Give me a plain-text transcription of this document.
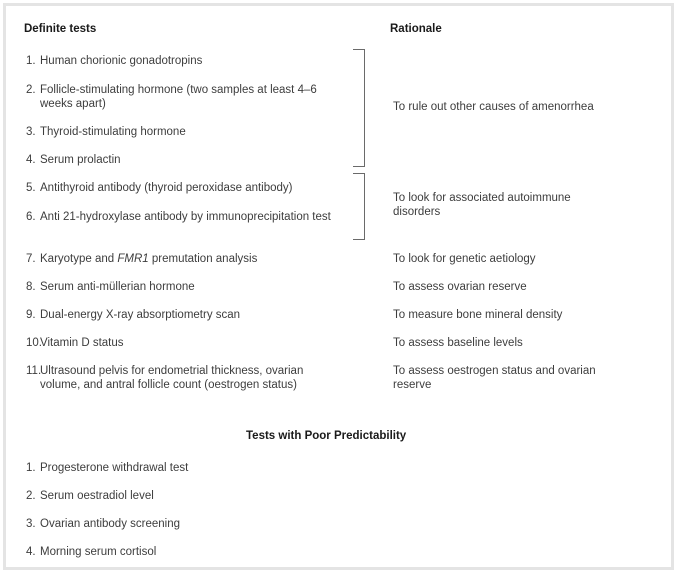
Definite tests	Rationale
1. Human chorionic gonadotropins
2. Follicle-stimulating hormone (two samples at least 4–6 weeks apart)
3. Thyroid-stimulating hormone
4. Serum prolactin
5. Antithyroid antibody (thyroid peroxidase antibody)
6. Anti 21-hydroxylase antibody by immunoprecipitation test
7. Karyotype and FMR1 premutation analysis
8. Serum anti-müllerian hormone
9. Dual-energy X-ray absorptiometry scan
10.Vitamin D status
11.Ultrasound pelvis for endometrial thickness, ovarian volume, and antral follicle count (oestrogen status)
To rule out other causes of amenorrhea
To look for associated autoimmune disorders
To look for genetic aetiology
To assess ovarian reserve
To measure bone mineral density
To assess baseline levels
To assess oestrogen status and ovarian reserve
Tests with Poor Predictability
1. Progesterone withdrawal test
2. Serum oestradiol level
3. Ovarian antibody screening
4. Morning serum cortisol
